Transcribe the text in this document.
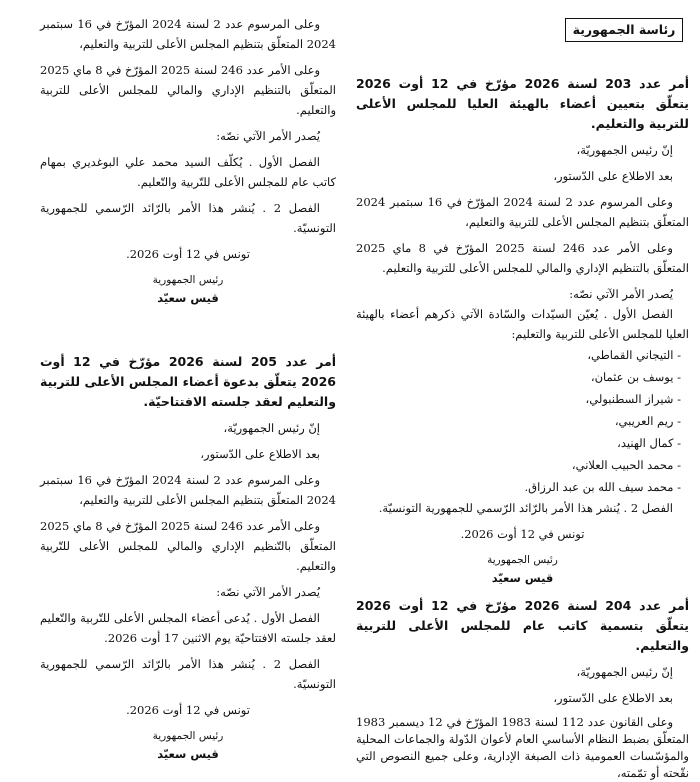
رئاسة الجمهورية

أمر عدد 203 لسنة 2026 مؤرّخ في 12 أوت 2026 يتعلّق بتعيين أعضاء بالهيئة العليا للمجلس الأعلى للتربية والتعليم.

إنّ رئيس الجمهوريّة،

بعد الاطلاع على الدّستور،

وعلى المرسوم عدد 2 لسنة 2024 المؤرّخ في 16 سبتمبر 2024 المتعلّق بتنظيم المجلس الأعلى للتربية والتعليم،

وعلى الأمر عدد 246 لسنة 2025 المؤرّخ في 8 ماي 2025 المتعلّق بالتنظيم الإداري والمالي للمجلس الأعلى للتربية والتعليم.

يُصدر الأمر الآتي نصّه:

الفصل الأول . يُعيّن السيّدات والسّادة الآتي ذكرهم أعضاء بالهيئة العليا للمجلس الأعلى للتربية والتعليم:

- التيجاني القماطي،
- يوسف بن عثمان،
- شيراز السطنبولي،
- ريم العريبي،
- كمال الهنيد،
- محمد الحبيب العلاني،
- محمد سيف الله بن عبد الرزاق.

الفصل 2 . يُنشر هذا الأمر بالرّائد الرّسمي للجمهورية التونسيّة.

تونس في 12 أوت 2026.

رئيس الجمهورية

قيس سعيّد

أمر عدد 204 لسنة 2026 مؤرّخ في 12 أوت 2026 يتعلّق بتسمية كاتب عام للمجلس الأعلى للتربية والتعليم.

إنّ رئيس الجمهوريّة،

بعد الاطلاع على الدّستور،

وعلى القانون عدد 112 لسنة 1983 المؤرّخ في 12 ديسمبر 1983 المتعلّق بضبط النظام الأساسي العام لأعوان الدّولة والجماعات المحلية والمؤسّسات العمومية ذات الصبغة الإدارية، وعلى جميع النصوص التي نقّحته أو تمّمته،

وعلى المرسوم عدد 2 لسنة 2024 المؤرّخ في 16 سبتمبر 2024 المتعلّق بتنظيم المجلس الأعلى للتربية والتعليم،

وعلى الأمر عدد 246 لسنة 2025 المؤرّخ في 8 ماي 2025 المتعلّق بالتنظيم الإداري والمالي للمجلس الأعلى للتربية والتعليم.

يُصدر الأمر الآتي نصّه:

الفصل الأول . يُكلّف السيد محمد علي البوغديري بمهام كاتب عام للمجلس الأعلى للتّربية والتّعليم.

الفصل 2 . يُنشر هذا الأمر بالرّائد الرّسمي للجمهورية التونسيّة.

تونس في 12 أوت 2026.

رئيس الجمهورية

قيس سعيّد

أمر عدد 205 لسنة 2026 مؤرّخ في 12 أوت 2026 يتعلّق بدعوة أعضاء المجلس الأعلى للتربية والتعليم لعقد جلسته الافتتاحيّة.

إنّ رئيس الجمهوريّة،

بعد الاطلاع على الدّستور،

وعلى المرسوم عدد 2 لسنة 2024 المؤرّخ في 16 سبتمبر 2024 المتعلّق بتنظيم المجلس الأعلى للتربية والتعليم،

وعلى الأمر عدد 246 لسنة 2025 المؤرّخ في 8 ماي 2025 المتعلّق بالتّنظيم الإداري والمالي للمجلس الأعلى للتّربية والتعليم.

يُصدر الأمر الآتي نصّه:

الفصل الأول . يُدعى أعضاء المجلس الأعلى للتّربية والتّعليم لعقد جلسته الافتتاحيّة يوم الاثنين 17 أوت 2026.

الفصل 2 . يُنشر هذا الأمر بالرّائد الرّسمي للجمهورية التونسيّة.

تونس في 12 أوت 2026.

رئيس الجمهورية

قيس سعيّد
